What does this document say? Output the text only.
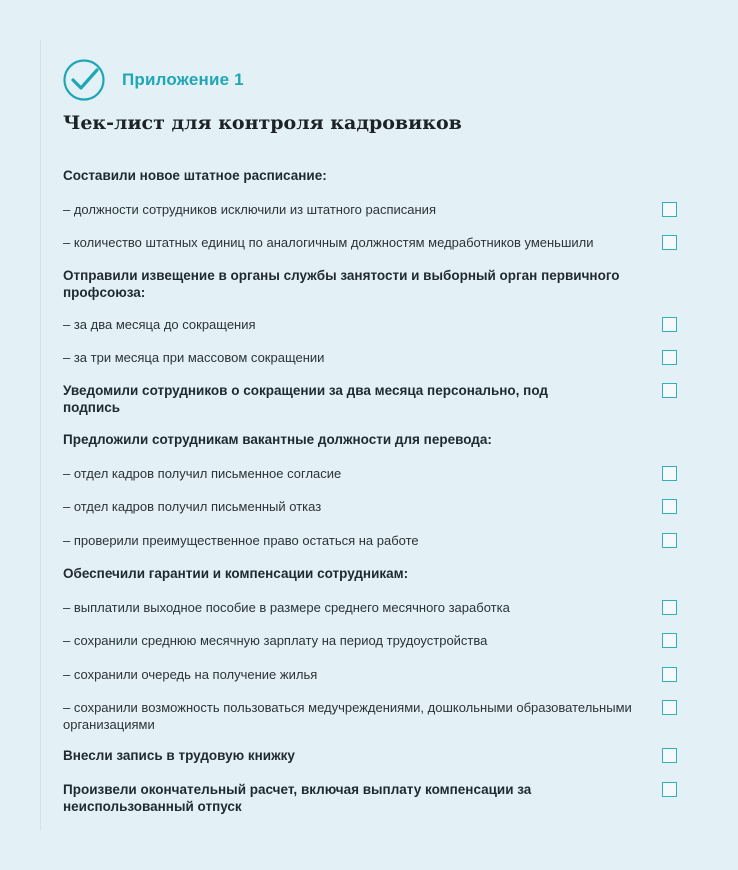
Приложение 1
Чек-лист для контроля кадровиков
Составили новое штатное расписание:
– должности сотрудников исключили из штатного расписания
– количество штатных единиц по аналогичным должностям медработников уменьшили
Отправили извещение в органы службы занятости и выборный орган первичного профсоюза:
– за два месяца до сокращения
– за три месяца при массовом сокращении
Уведомили сотрудников о сокращении за два месяца персонально, под подпись
Предложили сотрудникам вакантные должности для перевода:
– отдел кадров получил письменное согласие
– отдел кадров получил письменный отказ
– проверили преимущественное право остаться на работе
Обеспечили гарантии и компенсации сотрудникам:
– выплатили выходное пособие в размере среднего месячного заработка
– сохранили среднюю месячную зарплату на период трудоустройства
– сохранили очередь на получение жилья
– сохранили возможность пользоваться медучреждениями, дошкольными образовательными организациями
Внесли запись в трудовую книжку
Произвели окончательный расчет, включая выплату компенсации за неиспользованный отпуск
